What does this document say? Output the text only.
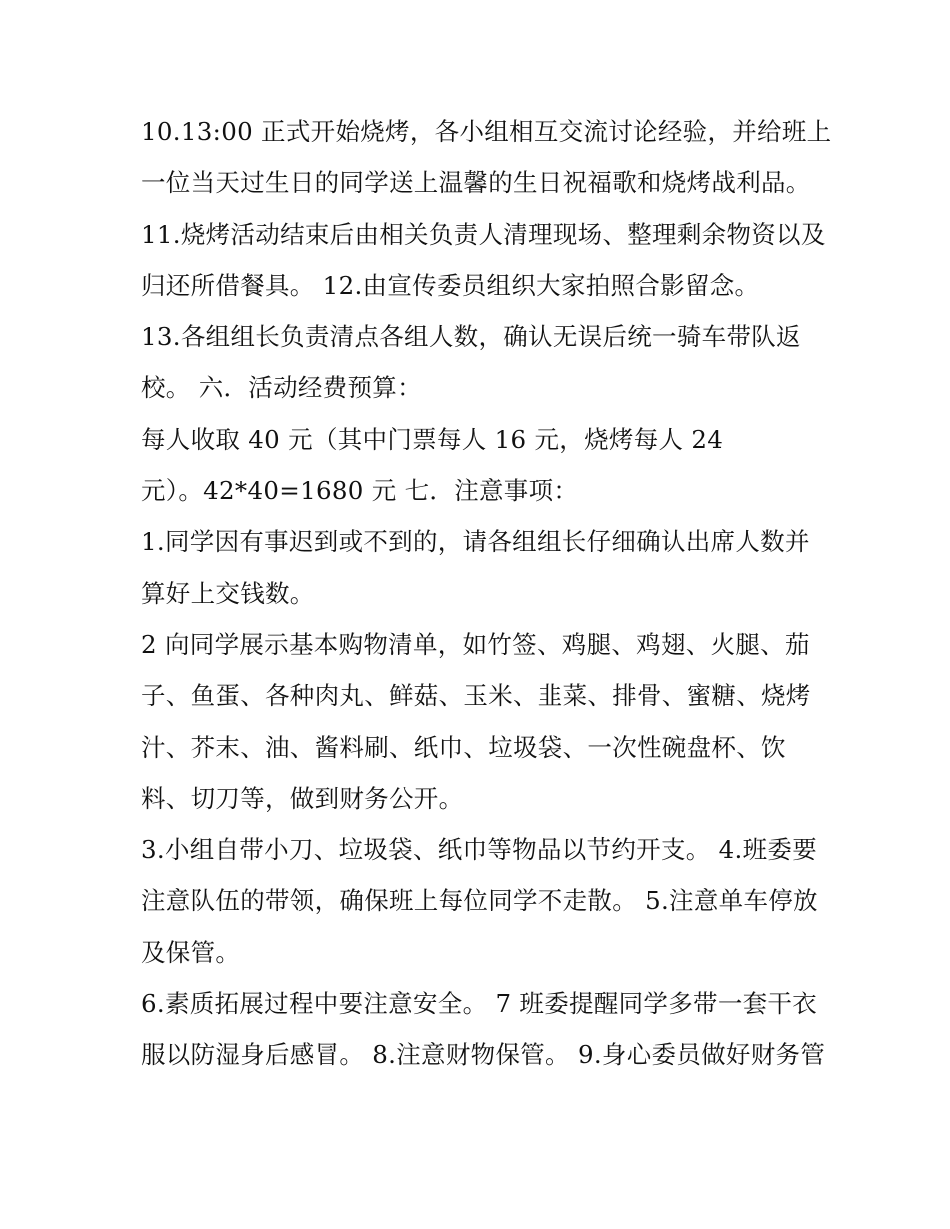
10.13:00 正式开始烧烤，各小组相互交流讨论经验，并给班上
一位当天过生日的同学送上温馨的生日祝福歌和烧烤战利品。
11.烧烤活动结束后由相关负责人清理现场、整理剩余物资以及
归还所借餐具。 12.由宣传委员组织大家拍照合影留念。
13.各组组长负责清点各组人数，确认无误后统一骑车带队返
校。 六．活动经费预算：
每人收取 40 元（其中门票每人 16 元，烧烤每人 24
元）。42*40=1680 元 七．注意事项：
1.同学因有事迟到或不到的，请各组组长仔细确认出席人数并
算好上交钱数。
2 向同学展示基本购物清单，如竹签、鸡腿、鸡翅、火腿、茄
子、鱼蛋、各种肉丸、鲜菇、玉米、韭菜、排骨、蜜糖、烧烤
汁、芥末、油、酱料刷、纸巾、垃圾袋、一次性碗盘杯、饮
料、切刀等，做到财务公开。
3.小组自带小刀、垃圾袋、纸巾等物品以节约开支。 4.班委要
注意队伍的带领，确保班上每位同学不走散。 5.注意单车停放
及保管。
6.素质拓展过程中要注意安全。 7 班委提醒同学多带一套干衣
服以防湿身后感冒。 8.注意财物保管。 9.身心委员做好财务管
